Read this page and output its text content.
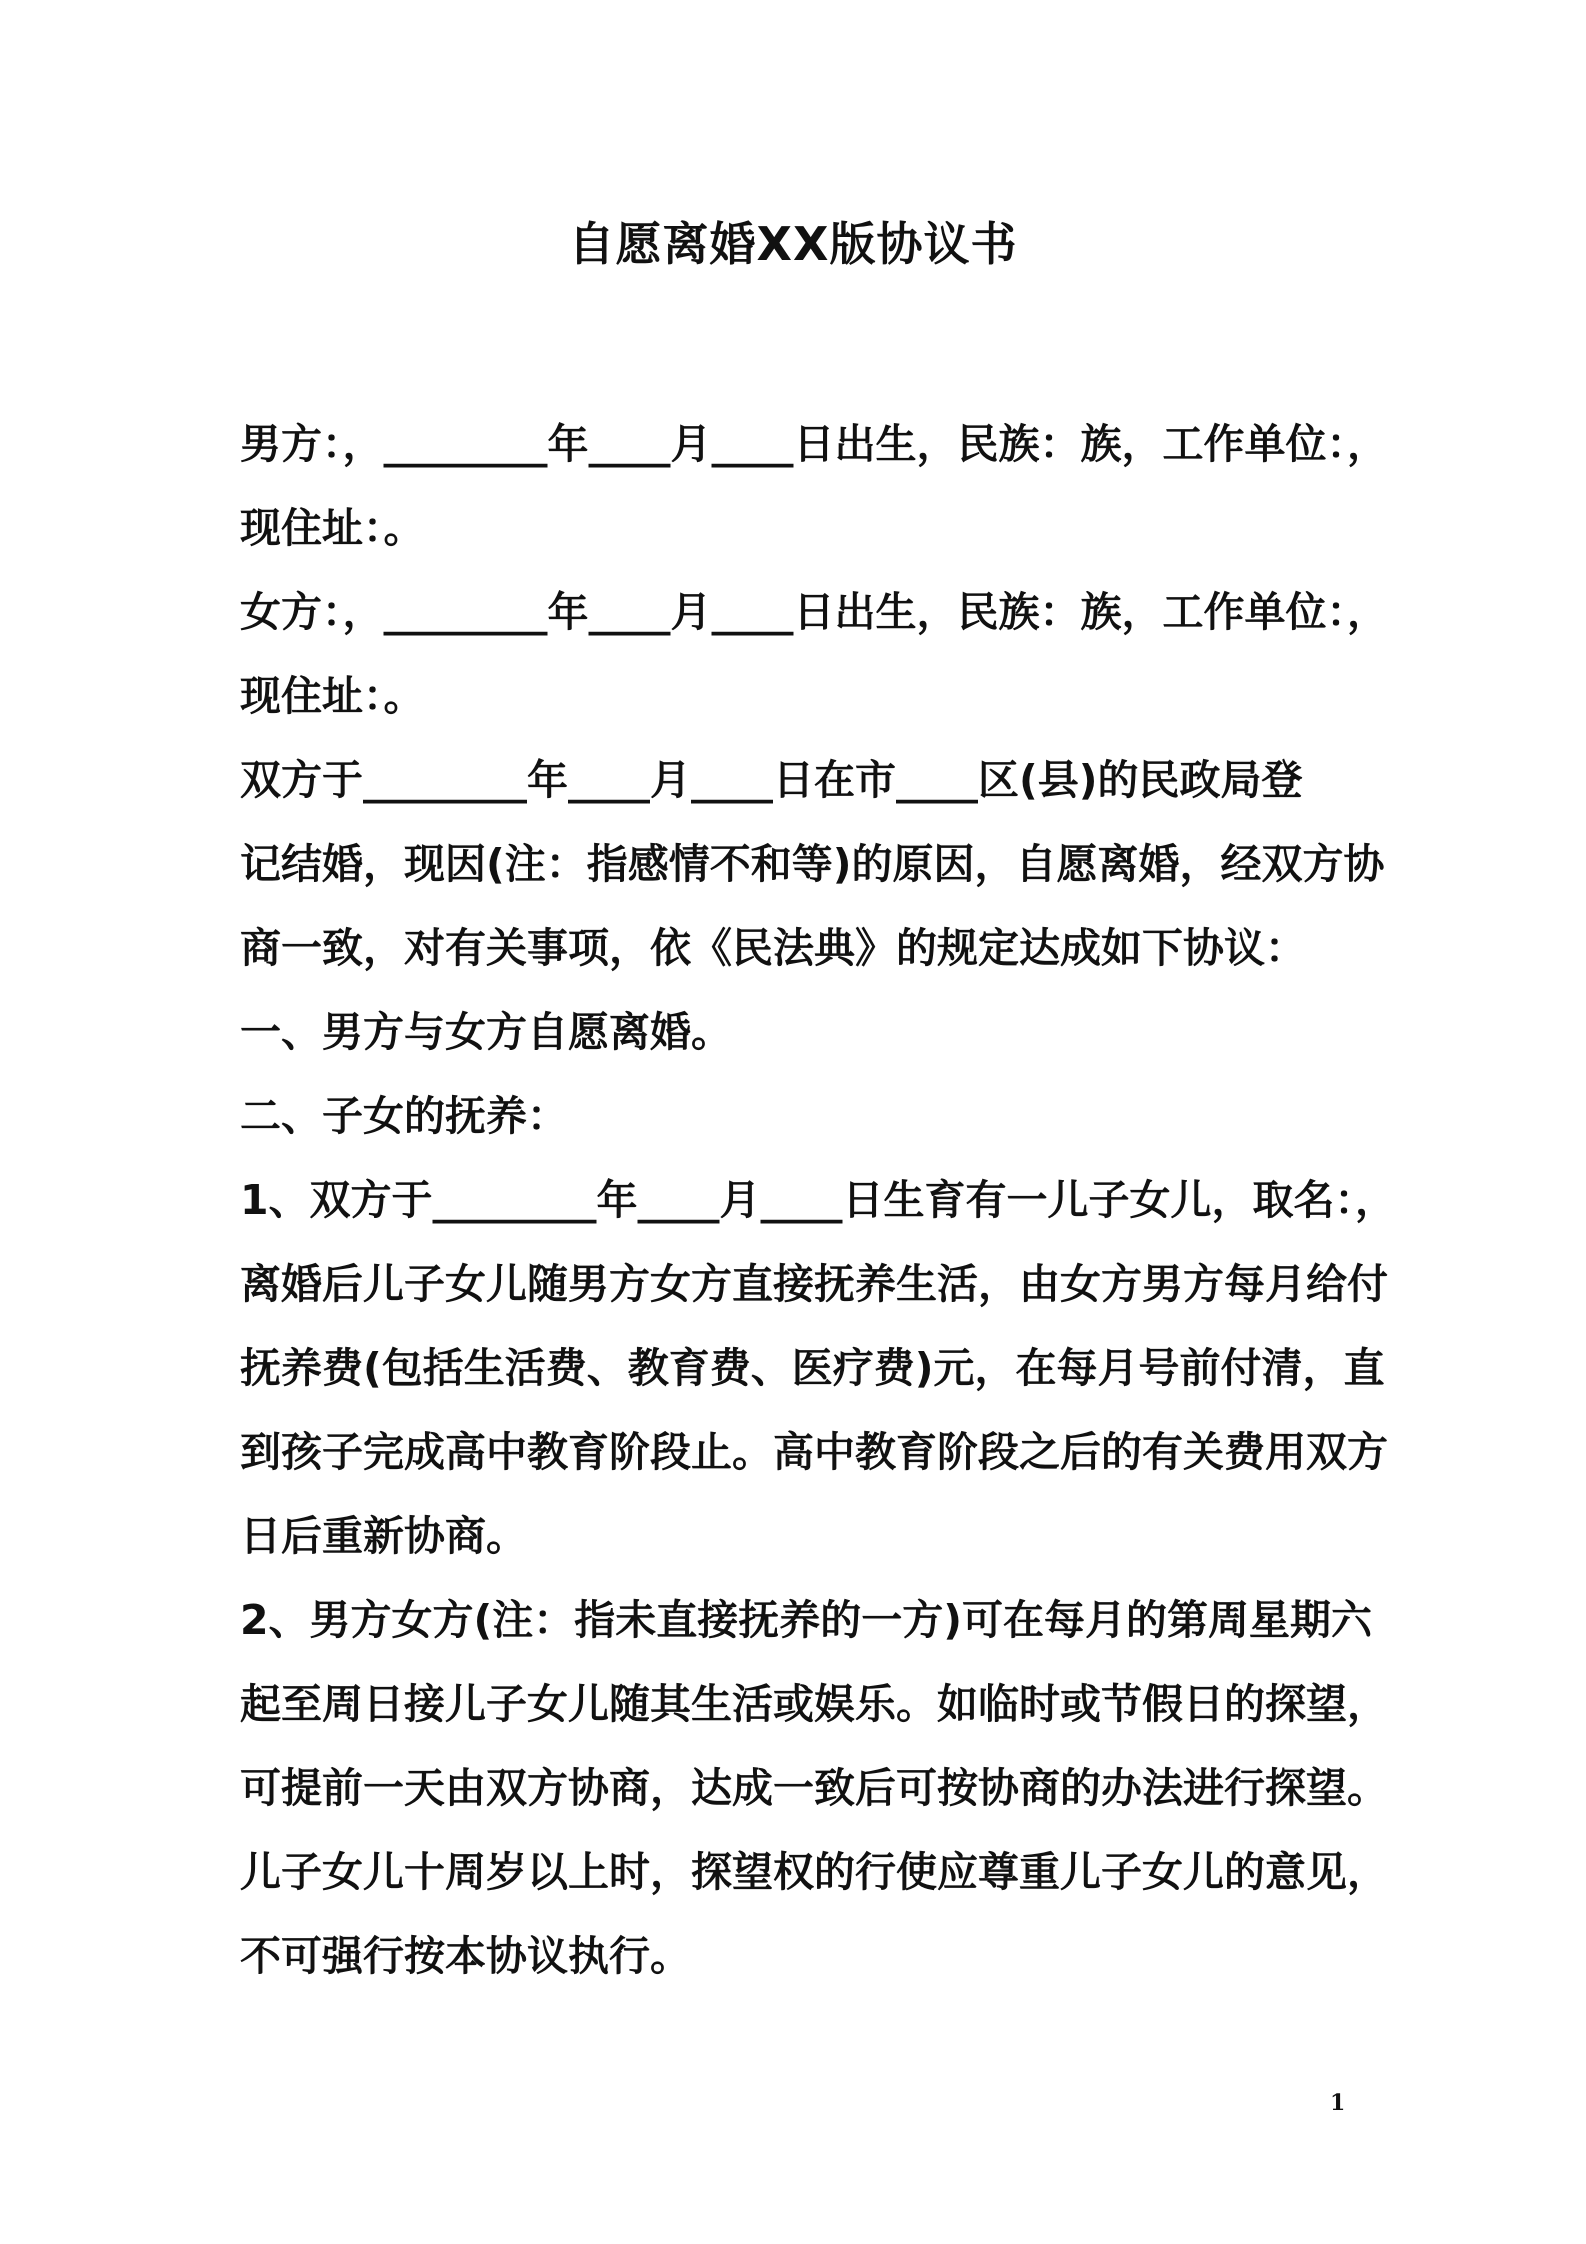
自愿离婚XX版协议书
男方：，________年____月____日出生，民族：族，工作单位：，
现住址：。
女方：，________年____月____日出生，民族：族，工作单位：，
现住址：。
双方于________年____月____日在市____区(县)的民政局登
记结婚，现因(注：指感情不和等)的原因，自愿离婚，经双方协
商一致，对有关事项，依《民法典》的规定达成如下协议：
一、男方与女方自愿离婚。
二、子女的抚养：
1、双方于________年____月____日生育有一儿子女儿，取名：，
离婚后儿子女儿随男方女方直接抚养生活，由女方男方每月给付
抚养费(包括生活费、教育费、医疗费)元，在每月号前付清，直
到孩子完成高中教育阶段止。高中教育阶段之后的有关费用双方
日后重新协商。
2、男方女方(注：指未直接抚养的一方)可在每月的第周星期六
起至周日接儿子女儿随其生活或娱乐。如临时或节假日的探望，
可提前一天由双方协商，达成一致后可按协商的办法进行探望。
儿子女儿十周岁以上时，探望权的行使应尊重儿子女儿的意见，
不可强行按本协议执行。
1
